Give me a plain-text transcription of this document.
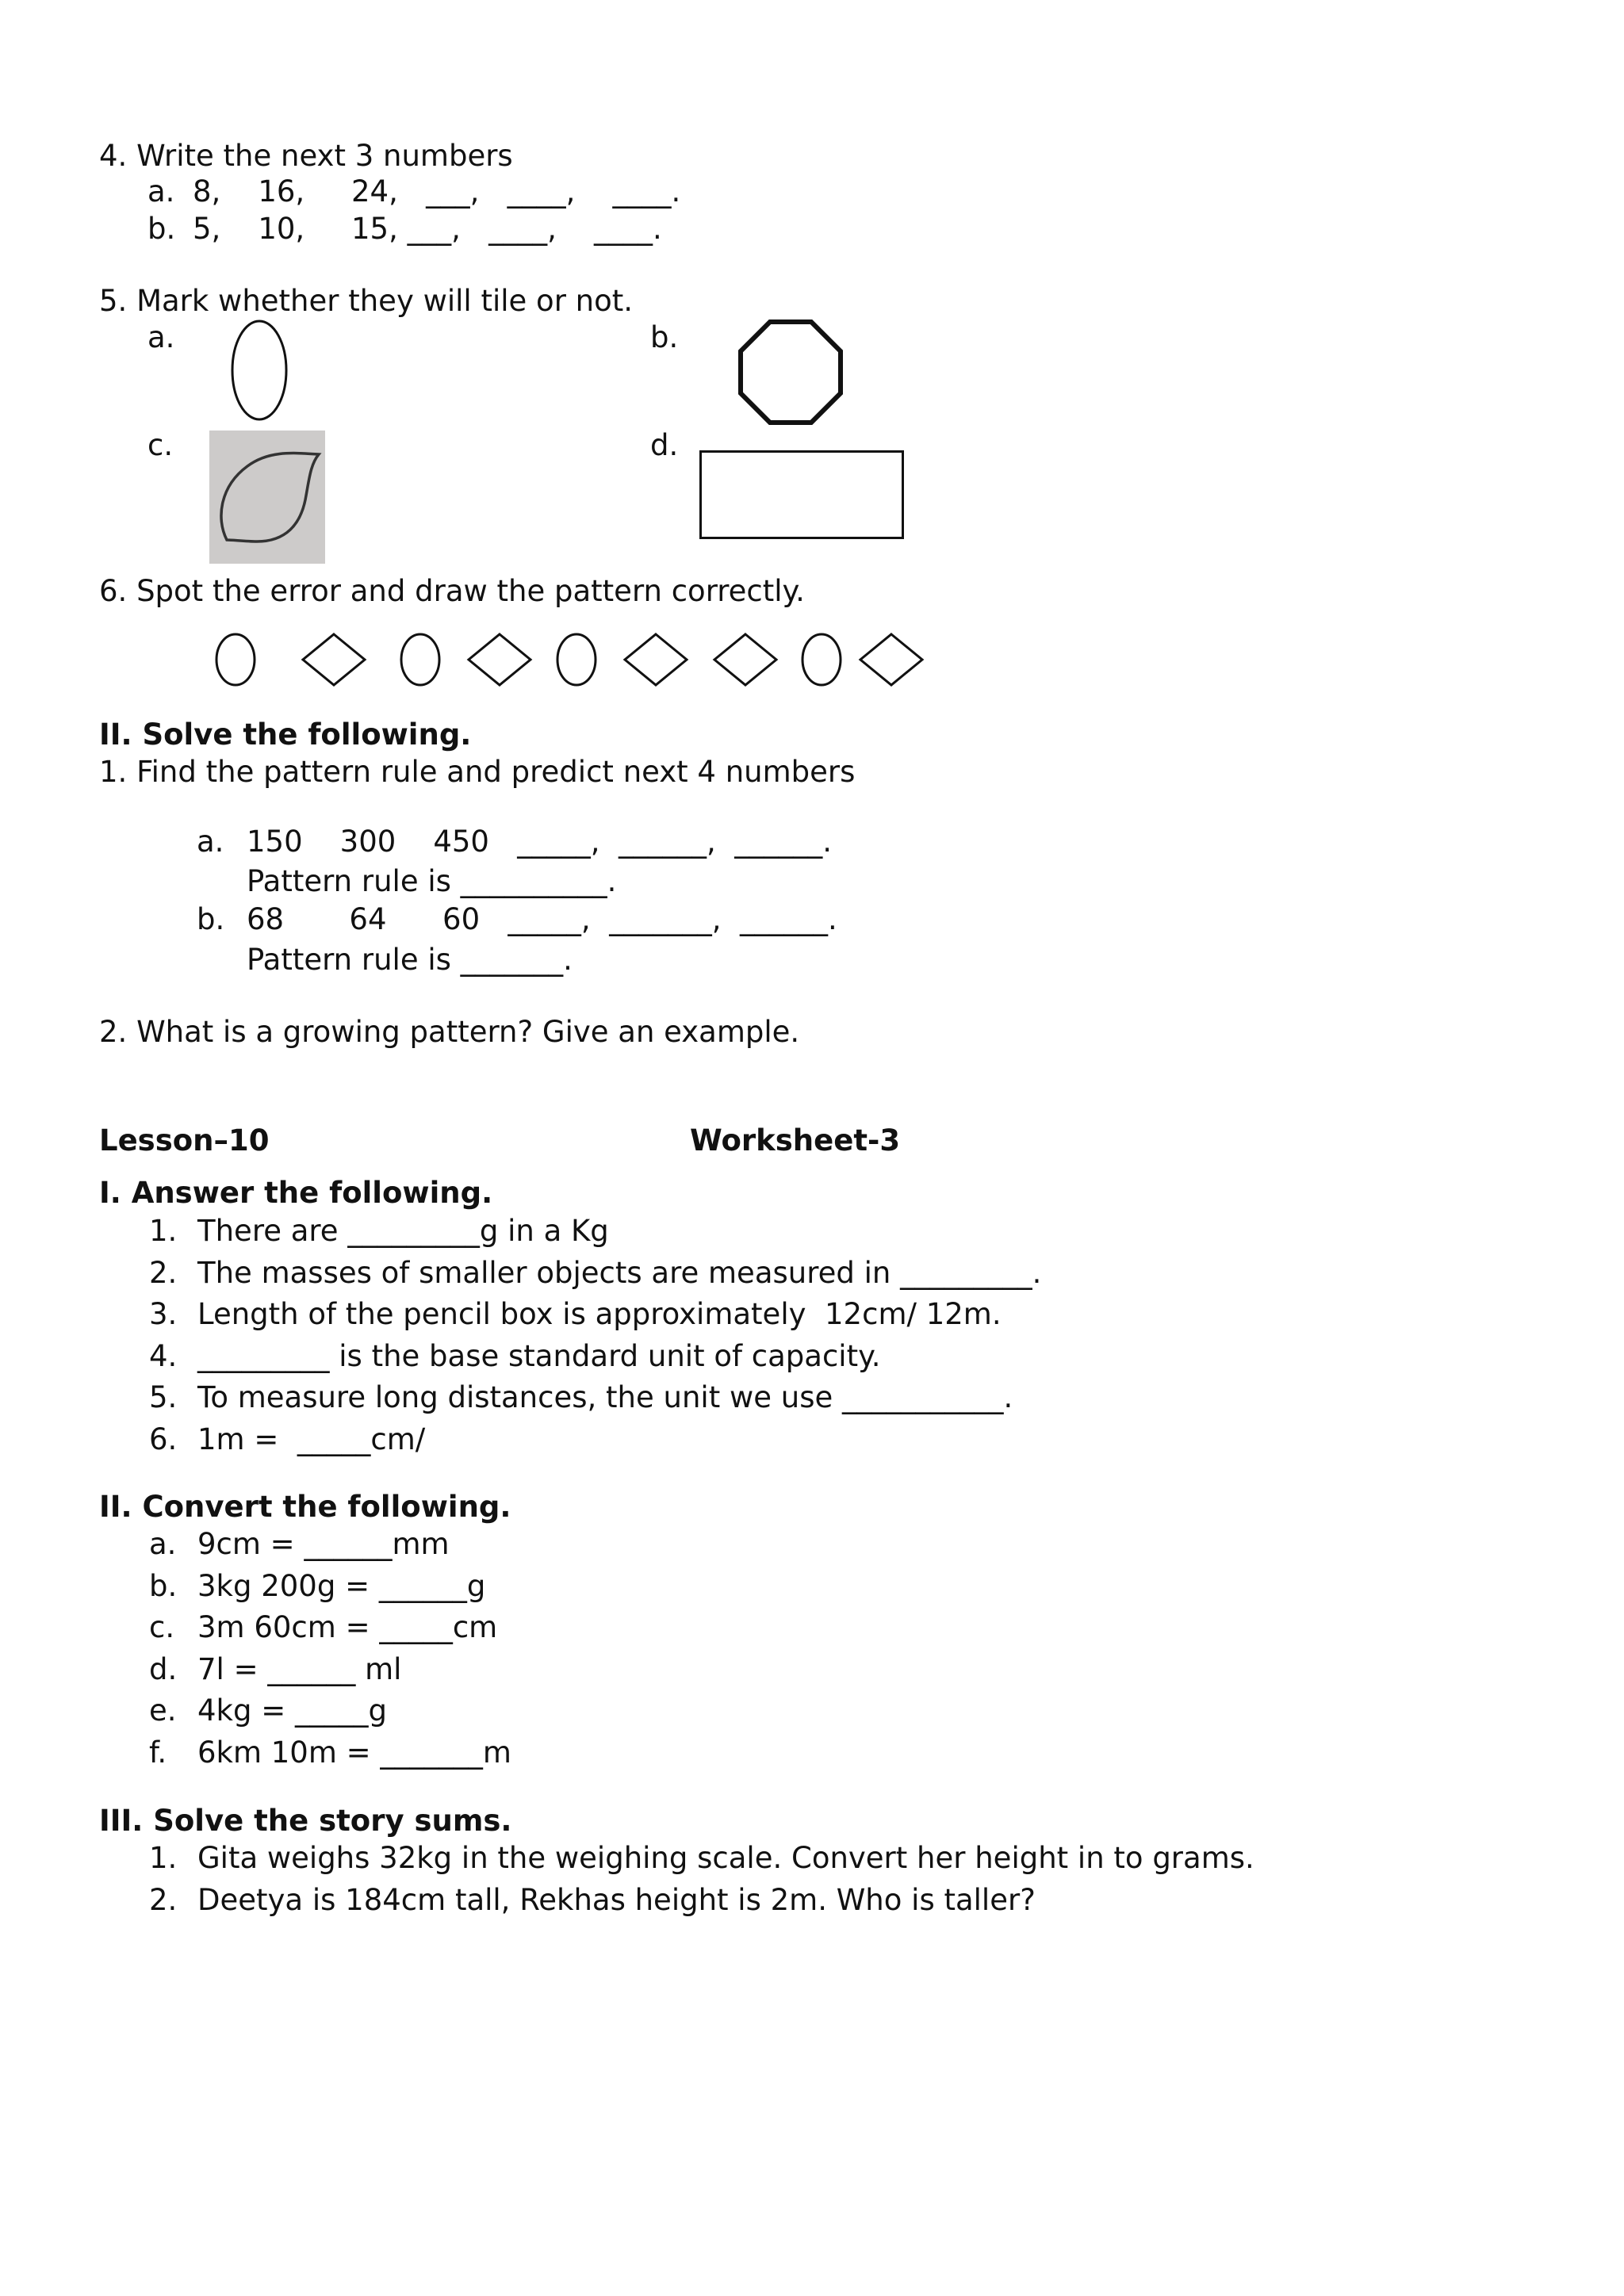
4. Write the next 3 numbers
a. 8,    16,     24,   ___,   ____,    ____.
b. 5,    10,     15, ___,   ____,    ____.
5. Mark whether they will tile or not.
a.	b.
c.	d.
6. Spot the error and draw the pattern correctly.
II. Solve the following.
1. Find the pattern rule and predict next 4 numbers
a. 150    300    450   _____,  ______,  ______.
Pattern rule is __________.
b. 68       64      60   _____,  _______,  ______.
Pattern rule is _______.
2. What is a growing pattern? Give an example.
Lesson–10	Worksheet-3
I. Answer the following.
1. There are _________g in a Kg
2. The masses of smaller objects are measured in _________.
3. Length of the pencil box is approximately  12cm/ 12m.
4. _________ is the base standard unit of capacity.
5. To measure long distances, the unit we use ___________.
6. 1m =  _____cm/
II. Convert the following.
a. 9cm = ______mm
b. 3kg 200g = ______g
c. 3m 60cm = _____cm
d. 7l = ______ ml
e. 4kg = _____g
f. 6km 10m = _______m
III. Solve the story sums.
1. Gita weighs 32kg in the weighing scale. Convert her height in to grams.
2. Deetya is 184cm tall, Rekhas height is 2m. Who is taller?
